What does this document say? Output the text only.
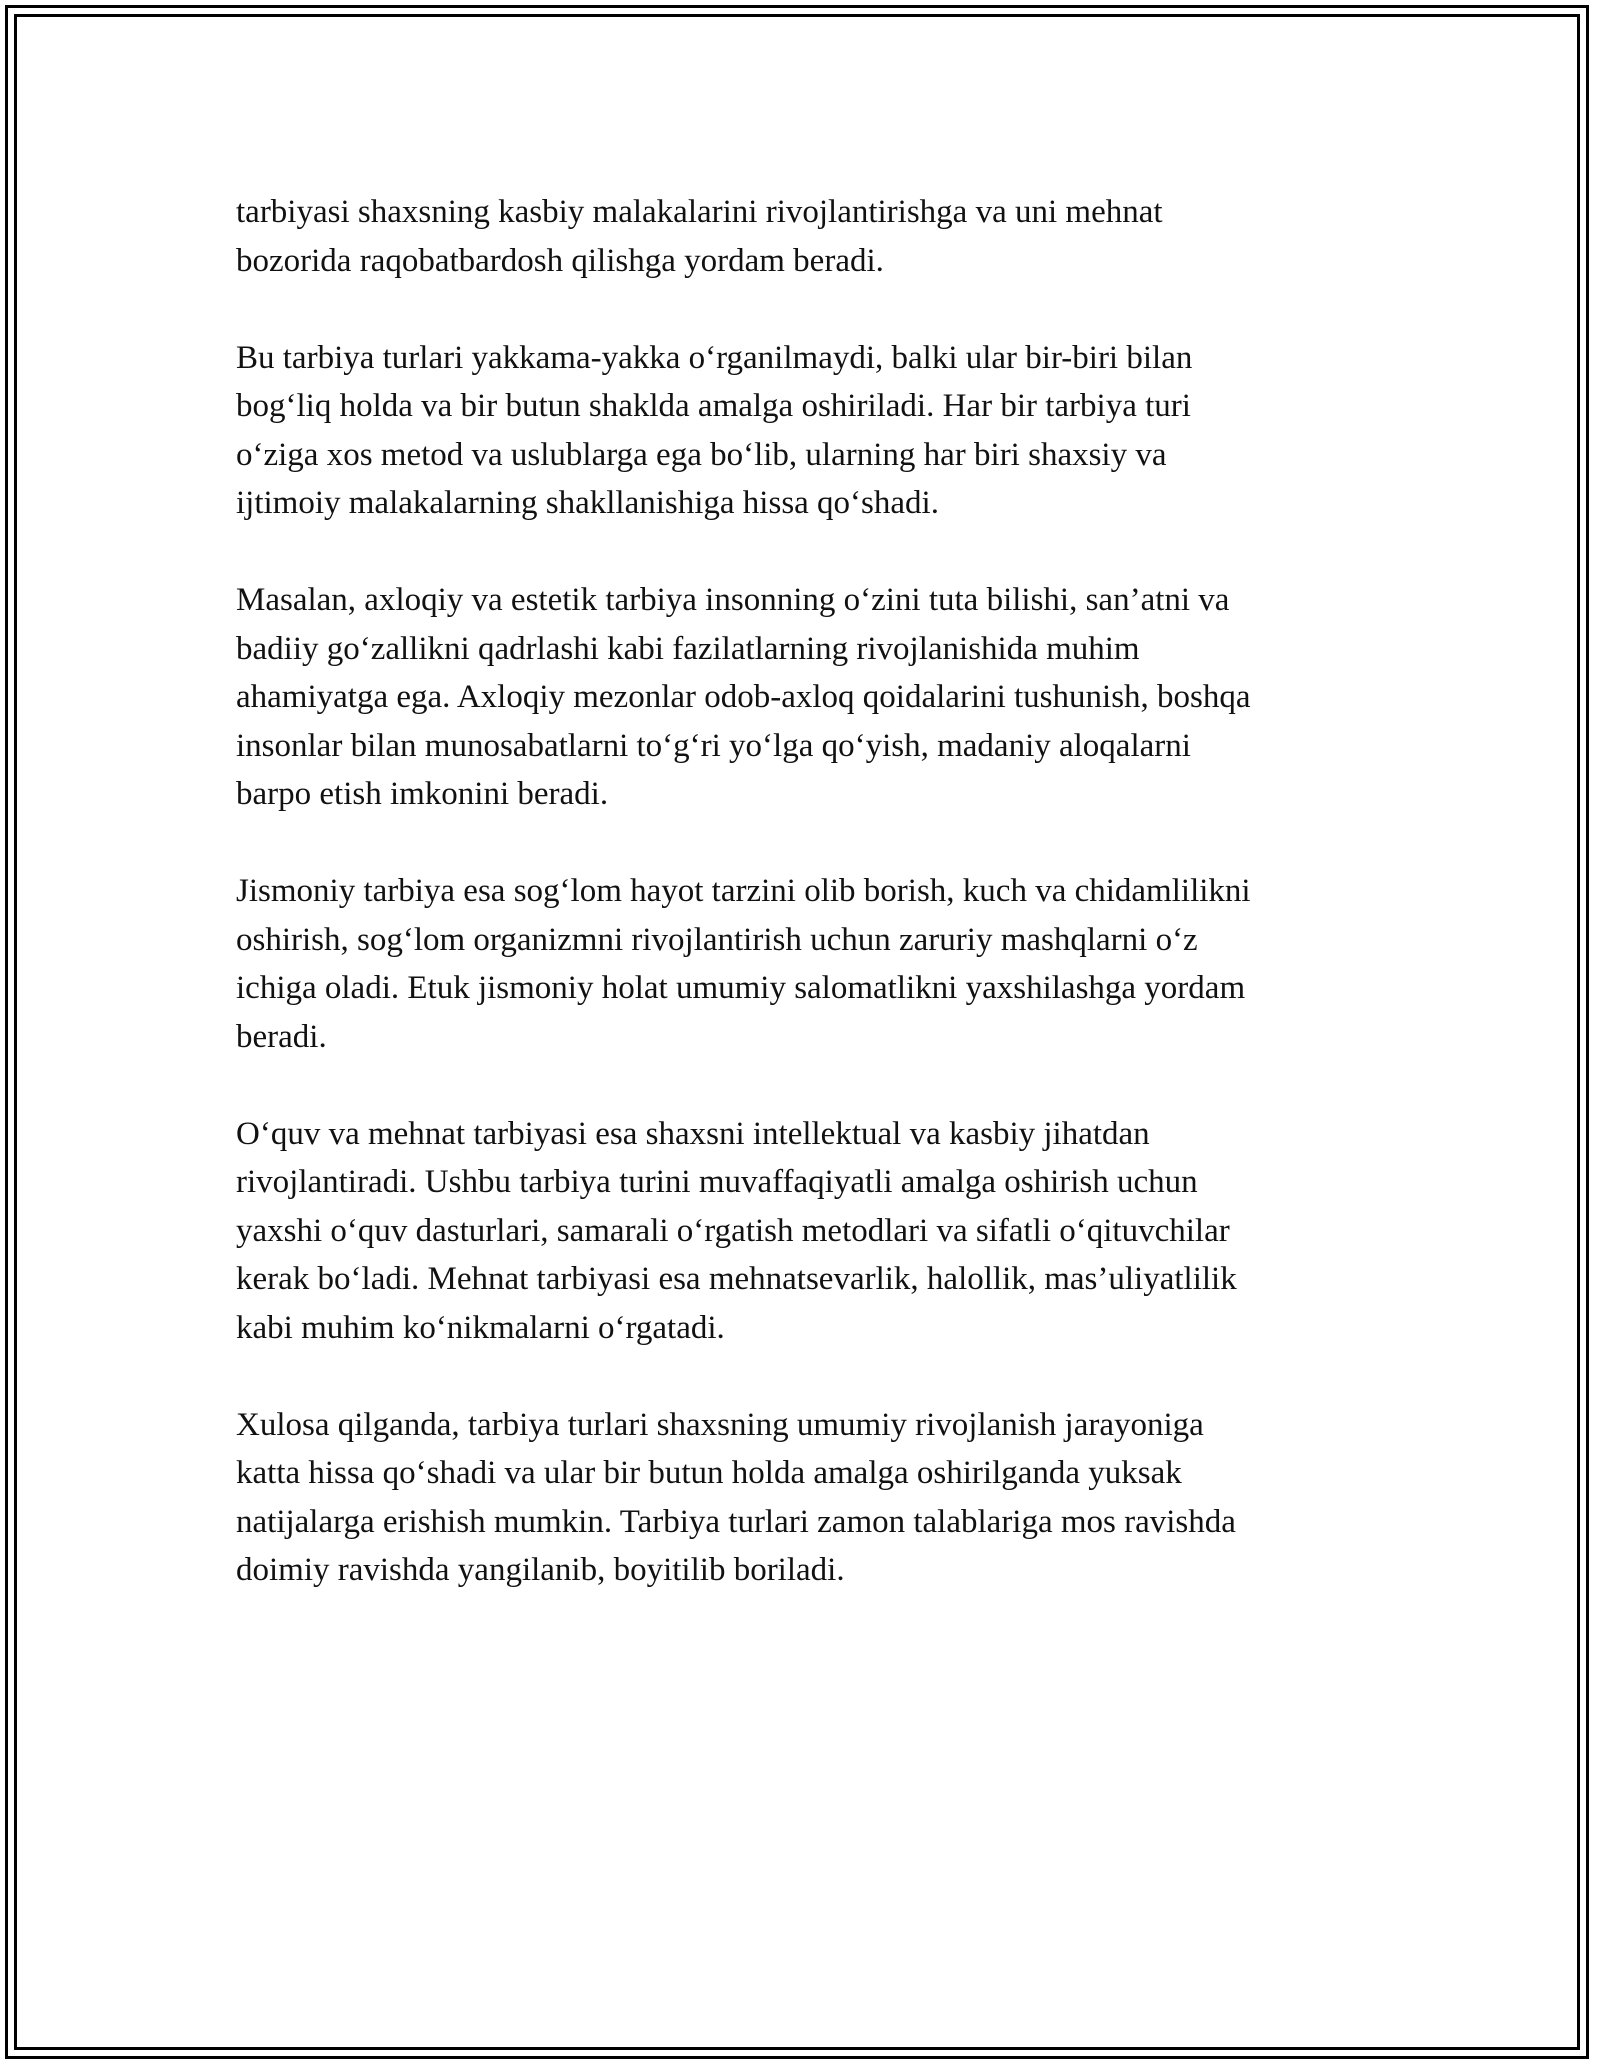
tarbiyasi shaxsning kasbiy malakalarini rivojlantirishga va uni mehnat
bozorida raqobatbardosh qilishga yordam beradi.

Bu tarbiya turlari yakkama-yakka oʻrganilmaydi, balki ular bir-biri bilan
bogʻliq holda va bir butun shaklda amalga oshiriladi. Har bir tarbiya turi
oʻziga xos metod va uslublarga ega boʻlib, ularning har biri shaxsiy va
ijtimoiy malakalarning shakllanishiga hissa qoʻshadi.

Masalan, axloqiy va estetik tarbiya insonning oʻzini tuta bilishi, san’atni va
badiiy goʻzallikni qadrlashi kabi fazilatlarning rivojlanishida muhim
ahamiyatga ega. Axloqiy mezonlar odob-axloq qoidalarini tushunish, boshqa
insonlar bilan munosabatlarni toʻgʻri yoʻlga qoʻyish, madaniy aloqalarni
barpo etish imkonini beradi.

Jismoniy tarbiya esa sogʻlom hayot tarzini olib borish, kuch va chidamlilikni
oshirish, sogʻlom organizmni rivojlantirish uchun zaruriy mashqlarni oʻz
ichiga oladi. Etuk jismoniy holat umumiy salomatlikni yaxshilashga yordam
beradi.

Oʻquv va mehnat tarbiyasi esa shaxsni intellektual va kasbiy jihatdan
rivojlantiradi. Ushbu tarbiya turini muvaffaqiyatli amalga oshirish uchun
yaxshi oʻquv dasturlari, samarali oʻrgatish metodlari va sifatli oʻqituvchilar
kerak boʻladi. Mehnat tarbiyasi esa mehnatsevarlik, halollik, mas’uliyatlilik
kabi muhim koʻnikmalarni oʻrgatadi.

Xulosa qilganda, tarbiya turlari shaxsning umumiy rivojlanish jarayoniga
katta hissa qoʻshadi va ular bir butun holda amalga oshirilganda yuksak
natijalarga erishish mumkin. Tarbiya turlari zamon talablariga mos ravishda
doimiy ravishda yangilanib, boyitilib boriladi.
